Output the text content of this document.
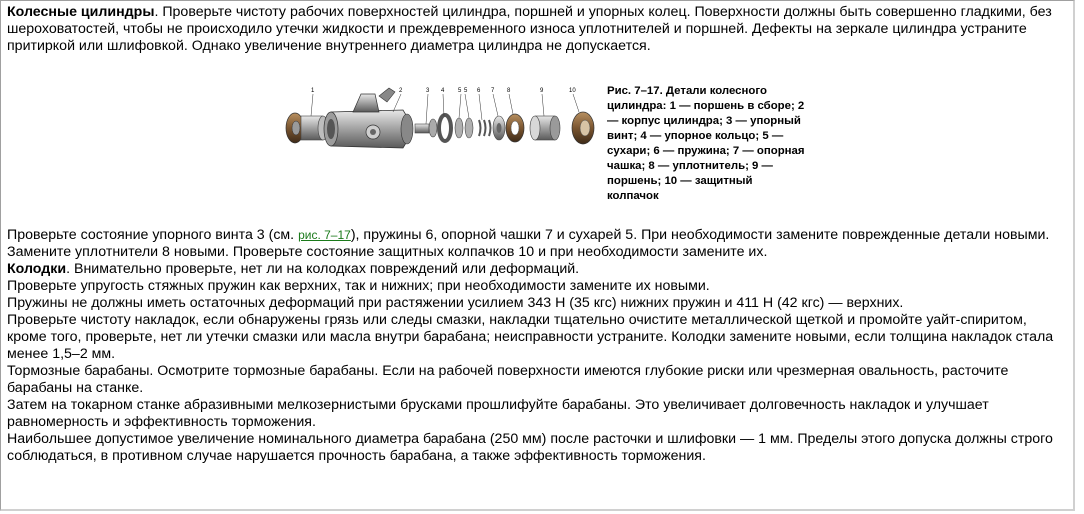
Колесные цилиндры. Проверьте чистоту рабочих поверхностей цилиндра, поршней и упорных колец. Поверхности должны быть совершенно гладкими, без шероховатостей, чтобы не происходило утечки жидкости и преждевременного износа уплотнителей и поршней. Дефекты на зеркале цилиндра устраните притиркой или шлифовкой. Однако увеличение внутреннего диаметра цилиндра не допускается.

1	2	3 4 5 5 6 7 8	9	10	Рис. 7–17. Детали колесного цилиндра: 1 — поршень в сборе; 2 — корпус цилиндра; 3 — упорный винт; 4 — упорное кольцо; 5 — сухари; 6 — пружина; 7 — опорная чашка; 8 — уплотнитель; 9 — поршень; 10 — защитный колпачок

Проверьте состояние упорного винта 3 (см. рис. 7–17), пружины 6, опорной чашки 7 и сухарей 5. При необходимости замените поврежденные детали новыми.

Замените уплотнители 8 новыми. Проверьте состояние защитных колпачков 10 и при необходимости замените их.

Колодки. Внимательно проверьте, нет ли на колодках повреждений или деформаций.

Проверьте упругость стяжных пружин как верхних, так и нижних; при необходимости замените их новыми.

Пружины не должны иметь остаточных деформаций при растяжении усилием 343 Н (35 кгс) нижних пружин и 411 Н (42 кгс) — верхних.

Проверьте чистоту накладок, если обнаружены грязь или следы смазки, накладки тщательно очистите металлической щеткой и промойте уайт-спиритом, кроме того, проверьте, нет ли утечки смазки или масла внутри барабана; неисправности устраните. Колодки замените новыми, если толщина накладок стала менее 1,5–2 мм.

Тормозные барабаны. Осмотрите тормозные барабаны. Если на рабочей поверхности имеются глубокие риски или чрезмерная овальность, расточите барабаны на станке.

Затем на токарном станке абразивными мелкозернистыми брусками прошлифуйте барабаны. Это увеличивает долговечность накладок и улучшает равномерность и эффективность торможения.

Наибольшее допустимое увеличение номинального диаметра барабана (250 мм) после расточки и шлифовки — 1 мм. Пределы этого допуска должны строго соблюдаться, в противном случае нарушается прочность барабана, а также эффективность торможения.
